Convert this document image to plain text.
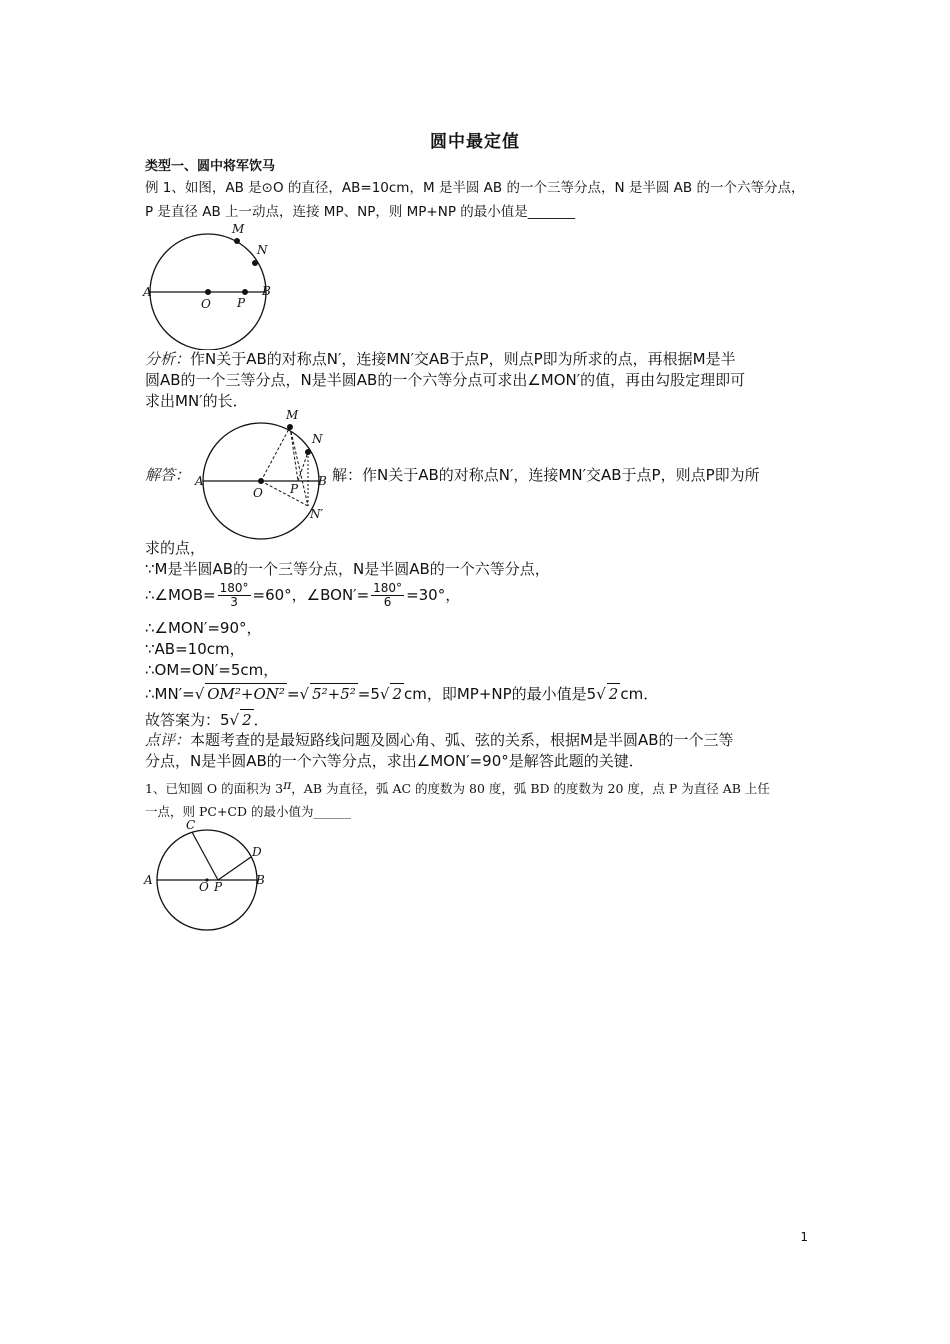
圆中最定值
类型一、圆中将军饮马
例 1、如图，AB 是⊙O 的直径，AB=10cm，M 是半圆 AB 的一个三等分点，N 是半圆 AB 的一个六等分点，
P 是直径 AB 上一动点，连接 MP、NP，则 MP+NP 的最小值是_______
A	B
O P
M
N
分析：作N关于AB的对称点N′，连接MN′交AB于点P，则点P即为所求的点，再根据M是半
圆AB的一个三等分点，N是半圆AB的一个六等分点可求出∠MON′的值，再由勾股定理即可
求出MN′的长．
A	B
O P
M
N
N′
解答：	解：作N关于AB的对称点N′，连接MN′交AB于点P，则点P即为所
求的点，
∵M是半圆AB的一个三等分点，N是半圆AB的一个六等分点，
∴∠MOB= $\frac{180^\circ}{3} =60^\circ$，∠BON′= $\frac{180^\circ}{6} =30^\circ$，
∴∠MON′=90°，
∵AB=10cm，
∴OM=ON′=5cm，
∴MN′=√ OM²+ON² =√ 5²+5² =5√ 2 cm，即MP+NP的最小值是5√ 2 cm．
故答案为：5√ 2 ．
点评：本题考查的是最短路线问题及圆心角、弧、弦的关系，根据M是半圆AB的一个三等
分点，N是半圆AB的一个六等分点，求出∠MON′=90°是解答此题的关键．
1、已知圆 O 的面积为 3π，AB 为直径，弧 AC 的度数为 80 度，弧 BD 的度数为 20 度，点 P 为直径 AB 上任
一点，则 PC+CD 的最小值为______
A	B
O P
C
D
1
